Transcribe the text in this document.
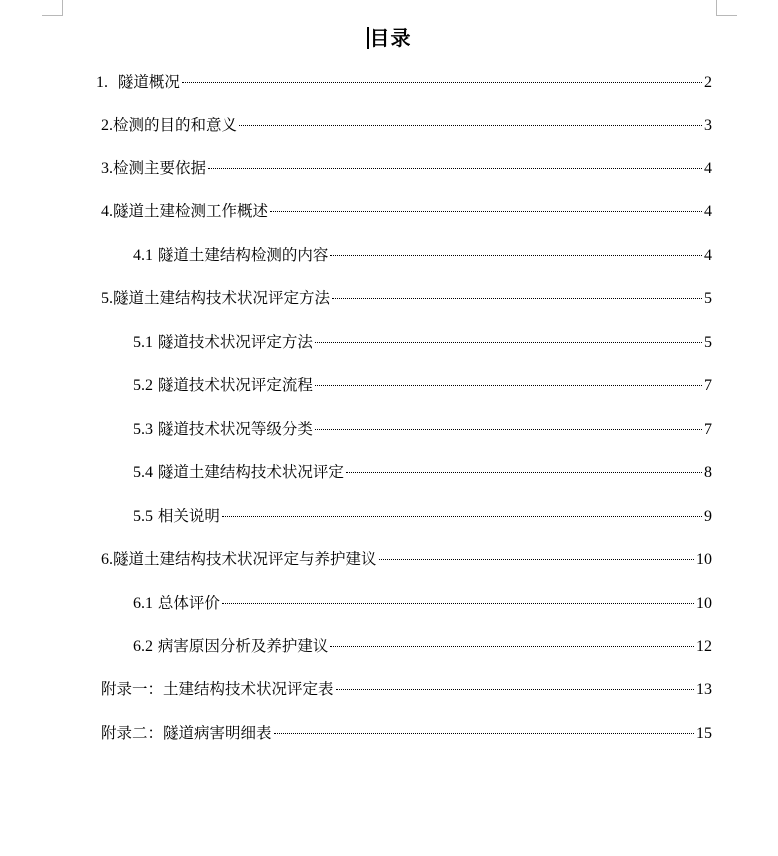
目录
1.  隧道概况	2
2.检测的目的和意义	3
3.检测主要依据	4
4.隧道土建检测工作概述	4
4.1 隧道土建结构检测的内容	4
5.隧道土建结构技术状况评定方法	5
5.1 隧道技术状况评定方法	5
5.2 隧道技术状况评定流程	7
5.3 隧道技术状况等级分类	7
5.4 隧道土建结构技术状况评定	8
5.5 相关说明	9
6.隧道土建结构技术状况评定与养护建议	10
6.1 总体评价	10
6.2 病害原因分析及养护建议	12
附录一：土建结构技术状况评定表	13
附录二：隧道病害明细表	15
